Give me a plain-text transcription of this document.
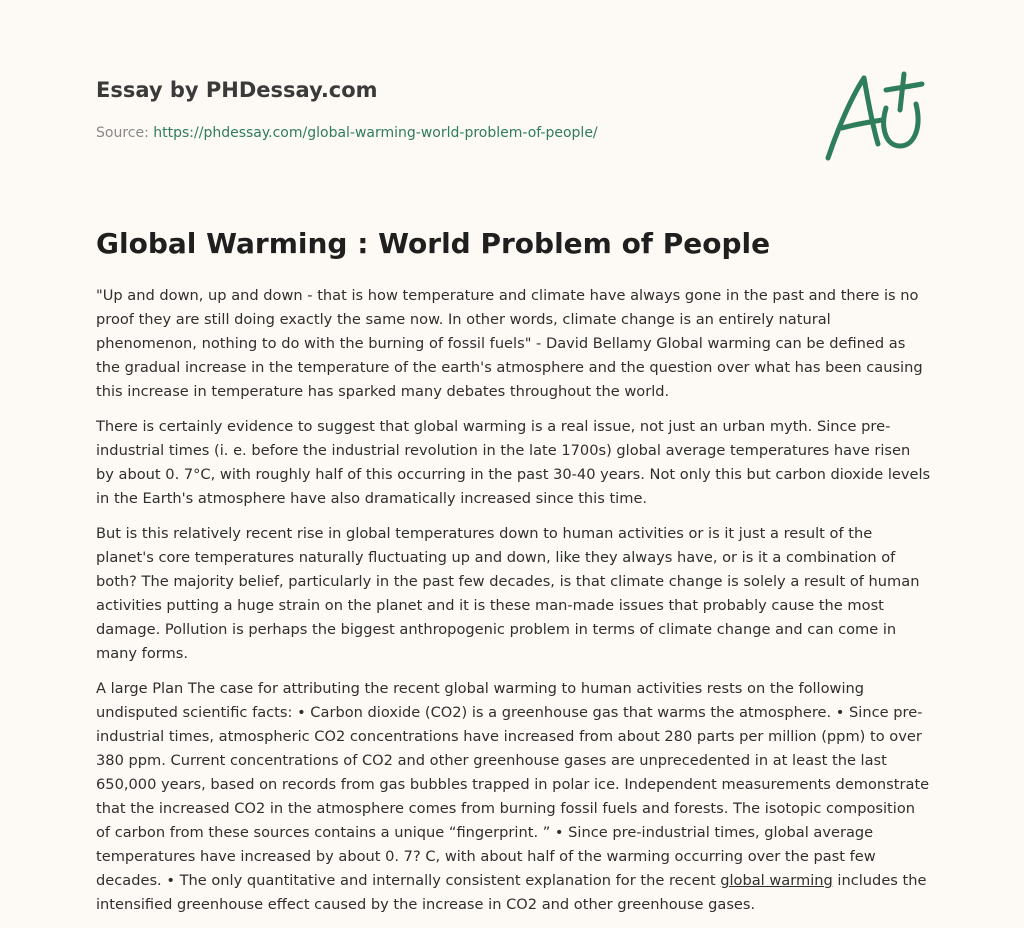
Essay by PHDessay.com
Source: https://phdessay.com/global-warming-world-problem-of-people/
Global Warming : World Problem of People

"Up and down, up and down - that is how temperature and climate have always gone in the past and there is no proof they are still doing exactly the same now. In other words, climate change is an entirely natural phenomenon, nothing to do with the burning of fossil fuels" - David Bellamy Global warming can be defined as the gradual increase in the temperature of the earth's atmosphere and the question over what has been causing this increase in temperature has sparked many debates throughout the world.

There is certainly evidence to suggest that global warming is a real issue, not just an urban myth. Since pre-industrial times (i. e. before the industrial revolution in the late 1700s) global average temperatures have risen by about 0. 7°C, with roughly half of this occurring in the past 30-40 years. Not only this but carbon dioxide levels in the Earth's atmosphere have also dramatically increased since this time.

But is this relatively recent rise in global temperatures down to human activities or is it just a result of the planet's core temperatures naturally fluctuating up and down, like they always have, or is it a combination of both? The majority belief, particularly in the past few decades, is that climate change is solely a result of human activities putting a huge strain on the planet and it is these man-made issues that probably cause the most damage. Pollution is perhaps the biggest anthropogenic problem in terms of climate change and can come in many forms.

A large Plan The case for attributing the recent global warming to human activities rests on the following undisputed scientific facts: • Carbon dioxide (CO2) is a greenhouse gas that warms the atmosphere. • Since pre-industrial times, atmospheric CO2 concentrations have increased from about 280 parts per million (ppm) to over 380 ppm. Current concentrations of CO2 and other greenhouse gases are unprecedented in at least the last 650,000 years, based on records from gas bubbles trapped in polar ice. Independent measurements demonstrate that the increased CO2 in the atmosphere comes from burning fossil fuels and forests. The isotopic composition of carbon from these sources contains a unique “fingerprint. ” • Since pre-industrial times, global average temperatures have increased by about 0. 7? C, with about half of the warming occurring over the past few decades. • The only quantitative and internally consistent explanation for the recent global warming includes the intensified greenhouse effect caused by the increase in CO2 and other greenhouse gases.
